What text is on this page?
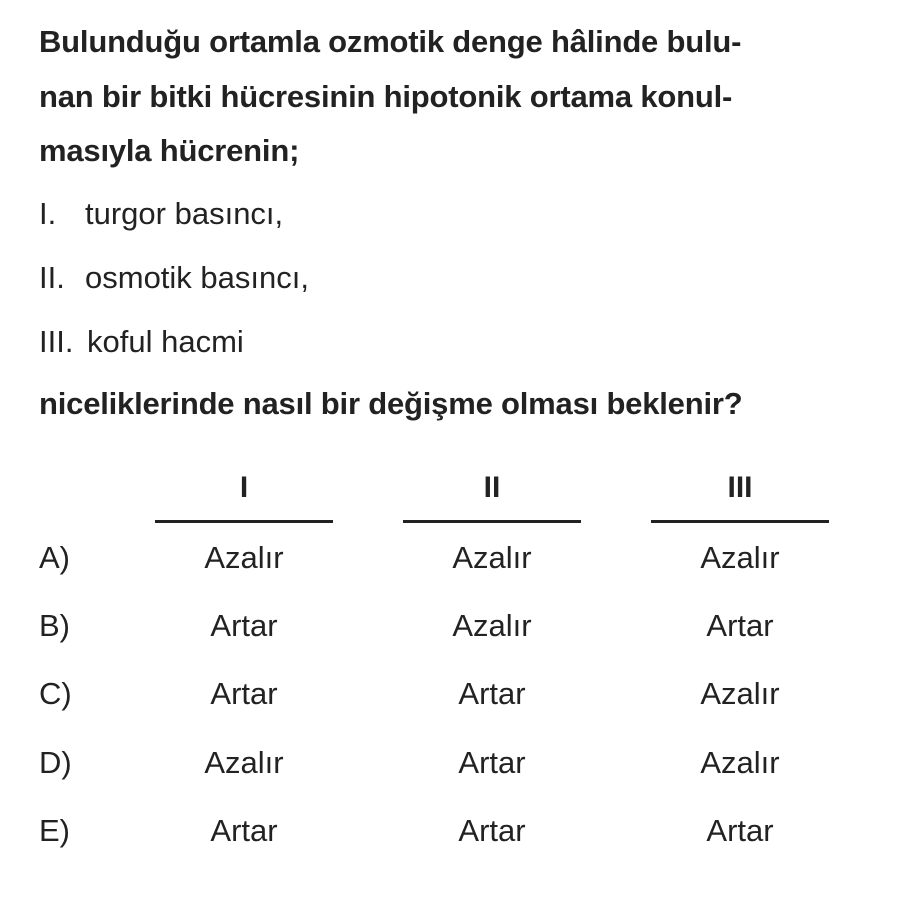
Bulunduğu ortamla ozmotik denge hâlinde bulu-
nan bir bitki hücresinin hipotonik ortama konul-
masıyla hücrenin;
I. turgor basıncı,
II. osmotik basıncı,
III. koful hacmi
niceliklerinde nasıl bir değişme olması beklenir?
I	II	III
A)	Azalır	Azalır	Azalır
B)	Artar	Azalır	Artar
C)	Artar	Artar	Azalır
D)	Azalır	Artar	Azalır
E)	Artar	Artar	Artar
